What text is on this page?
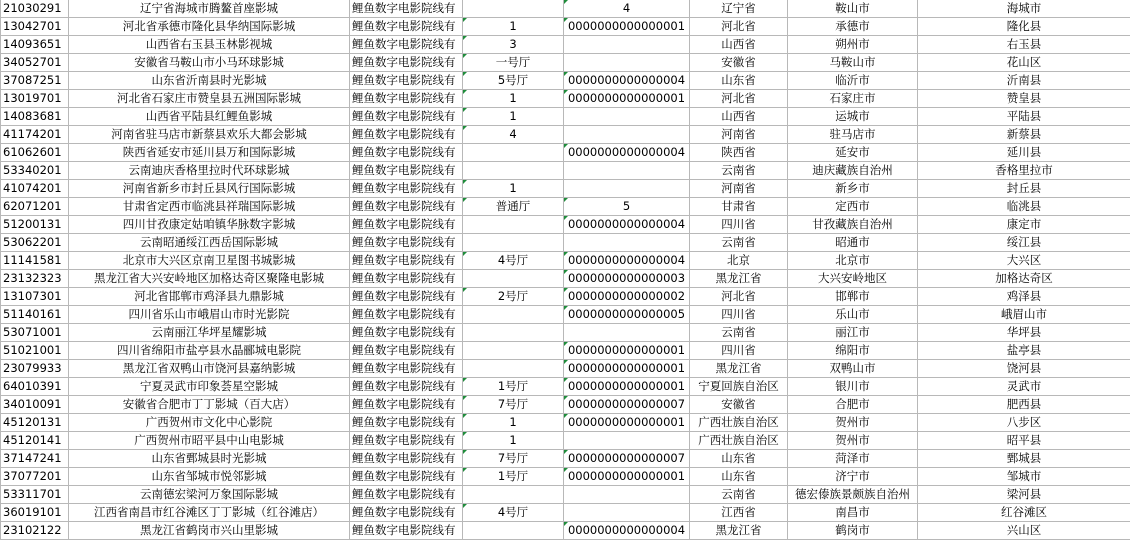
21030291	辽宁省海城市腾鳌首座影城	鲤鱼数字电影院线有		4	辽宁省	鞍山市	海城市
13042701	河北省承德市隆化县华纳国际影城	鲤鱼数字电影院线有	1	0000000000000001	河北省	承德市	隆化县
14093651	山西省右玉县玉林影视城	鲤鱼数字电影院线有	3		山西省	朔州市	右玉县
34052701	安徽省马鞍山市小马环球影城	鲤鱼数字电影院线有	一号厅		安徽省	马鞍山市	花山区
37087251	山东省沂南县时光影城	鲤鱼数字电影院线有	5号厅	0000000000000004	山东省	临沂市	沂南县
13019701	河北省石家庄市赞皇县五洲国际影城	鲤鱼数字电影院线有	1	0000000000000001	河北省	石家庄市	赞皇县
14083681	山西省平陆县红鲤鱼影城	鲤鱼数字电影院线有	1		山西省	运城市	平陆县
41174201	河南省驻马店市新蔡县欢乐大都会影城	鲤鱼数字电影院线有	4		河南省	驻马店市	新蔡县
61062601	陕西省延安市延川县万和国际影城	鲤鱼数字电影院线有		0000000000000004	陕西省	延安市	延川县
53340201	云南迪庆香格里拉时代环球影城	鲤鱼数字电影院线有			云南省	迪庆藏族自治州	香格里拉市
41074201	河南省新乡市封丘县风行国际影城	鲤鱼数字电影院线有	1		河南省	新乡市	封丘县
62071201	甘肃省定西市临洮县祥瑞国际影城	鲤鱼数字电影院线有	普通厅	5	甘肃省	定西市	临洮县
51200131	四川甘孜康定姑咱镇华脉数字影城	鲤鱼数字电影院线有		0000000000000004	四川省	甘孜藏族自治州	康定市
53062201	云南昭通绥江西岳国际影城	鲤鱼数字电影院线有			云南省	昭通市	绥江县
11141581	北京市大兴区京南卫星图书城影城	鲤鱼数字电影院线有	4号厅	0000000000000004	北京	北京市	大兴区
23132323	黑龙江省大兴安岭地区加格达奇区聚隆电影城	鲤鱼数字电影院线有		0000000000000003	黑龙江省	大兴安岭地区	加格达奇区
13107301	河北省邯郸市鸡泽县九鼎影城	鲤鱼数字电影院线有	2号厅	0000000000000002	河北省	邯郸市	鸡泽县
51140161	四川省乐山市峨眉山市时光影院	鲤鱼数字电影院线有		0000000000000005	四川省	乐山市	峨眉山市
53071001	云南丽江华坪星耀影城	鲤鱼数字电影院线有			云南省	丽江市	华坪县
51021001	四川省绵阳市盐亭县水晶郦城电影院	鲤鱼数字电影院线有		0000000000000001	四川省	绵阳市	盐亭县
23079933	黑龙江省双鸭山市饶河县嘉纳影城	鲤鱼数字电影院线有		0000000000000001	黑龙江省	双鸭山市	饶河县
64010391	宁夏灵武市印象荟星空影城	鲤鱼数字电影院线有	1号厅	0000000000000001	宁夏回族自治区	银川市	灵武市
34010091	安徽省合肥市丁丁影城（百大店）	鲤鱼数字电影院线有	7号厅	0000000000000007	安徽省	合肥市	肥西县
45120131	广西贺州市文化中心影院	鲤鱼数字电影院线有	1	0000000000000001	广西壮族自治区	贺州市	八步区
45120141	广西贺州市昭平县中山电影城	鲤鱼数字电影院线有	1		广西壮族自治区	贺州市	昭平县
37147241	山东省鄄城县时光影城	鲤鱼数字电影院线有	7号厅	0000000000000007	山东省	菏泽市	鄄城县
37077201	山东省邹城市悦邻影城	鲤鱼数字电影院线有	1号厅	0000000000000001	山东省	济宁市	邹城市
53311701	云南德宏梁河万象国际影城	鲤鱼数字电影院线有			云南省	德宏傣族景颇族自治州	梁河县
36019101	江西省南昌市红谷滩区丁丁影城（红谷滩店）	鲤鱼数字电影院线有	4号厅		江西省	南昌市	红谷滩区
23102122	黑龙江省鹤岗市兴山里影城	鲤鱼数字电影院线有		0000000000000004	黑龙江省	鹤岗市	兴山区
